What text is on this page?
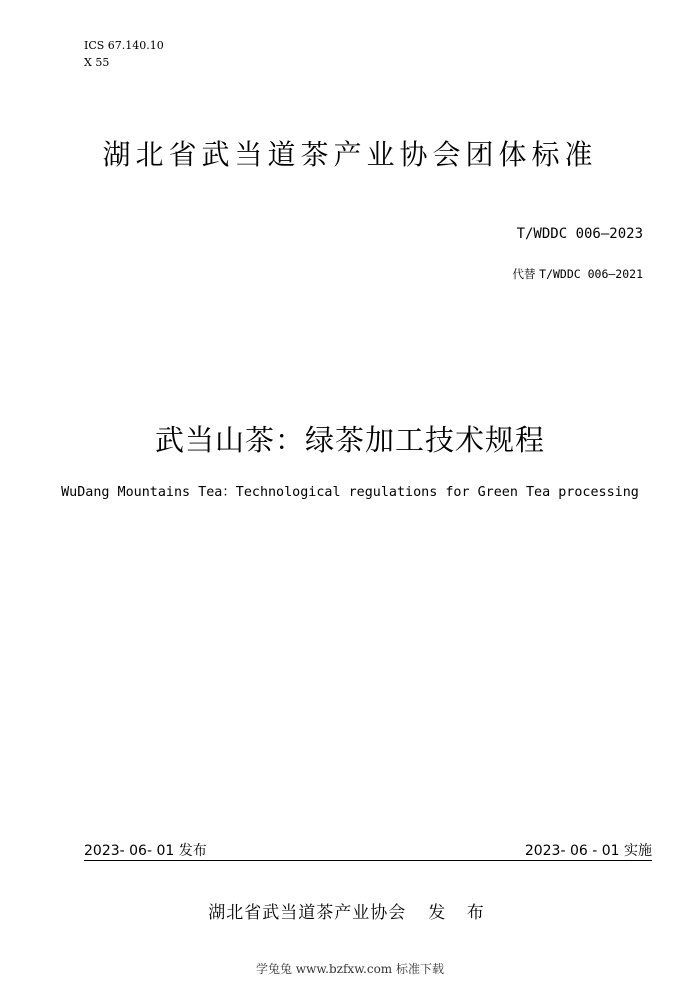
ICS 67.140.10
X 55
湖北省武当道茶产业协会团体标准
T/WDDC 006—2023
代替 T/WDDC 006—2021
武当山茶：绿茶加工技术规程
WuDang Mountains Tea：Technological regulations for Green Tea processing
2023- 06- 01 发布	2023- 06 - 01 实施
湖北省武当道茶产业协会 发 布
学兔兔 www.bzfxw.com 标准下载
